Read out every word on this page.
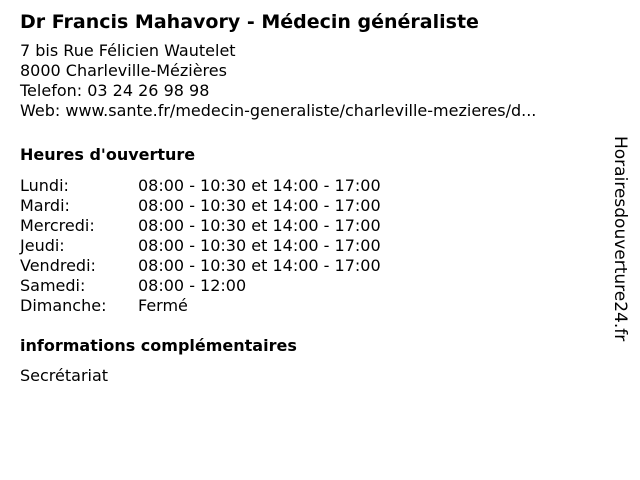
Dr Francis Mahavory - Médecin généraliste
7 bis Rue Félicien Wautelet
8000 Charleville-Mézières
Telefon: 03 24 26 98 98
Web: www.sante.fr/medecin-generaliste/charleville-mezieres/d...
Heures d'ouverture
Lundi:	08:00 - 10:30 et 14:00 - 17:00
Mardi:	08:00 - 10:30 et 14:00 - 17:00
Mercredi:	08:00 - 10:30 et 14:00 - 17:00
Jeudi:	08:00 - 10:30 et 14:00 - 17:00
Vendredi:	08:00 - 10:30 et 14:00 - 17:00
Samedi:	08:00 - 12:00
Dimanche:	Fermé
informations complémentaires
Secrétariat
Horairesdouverture24.fr
